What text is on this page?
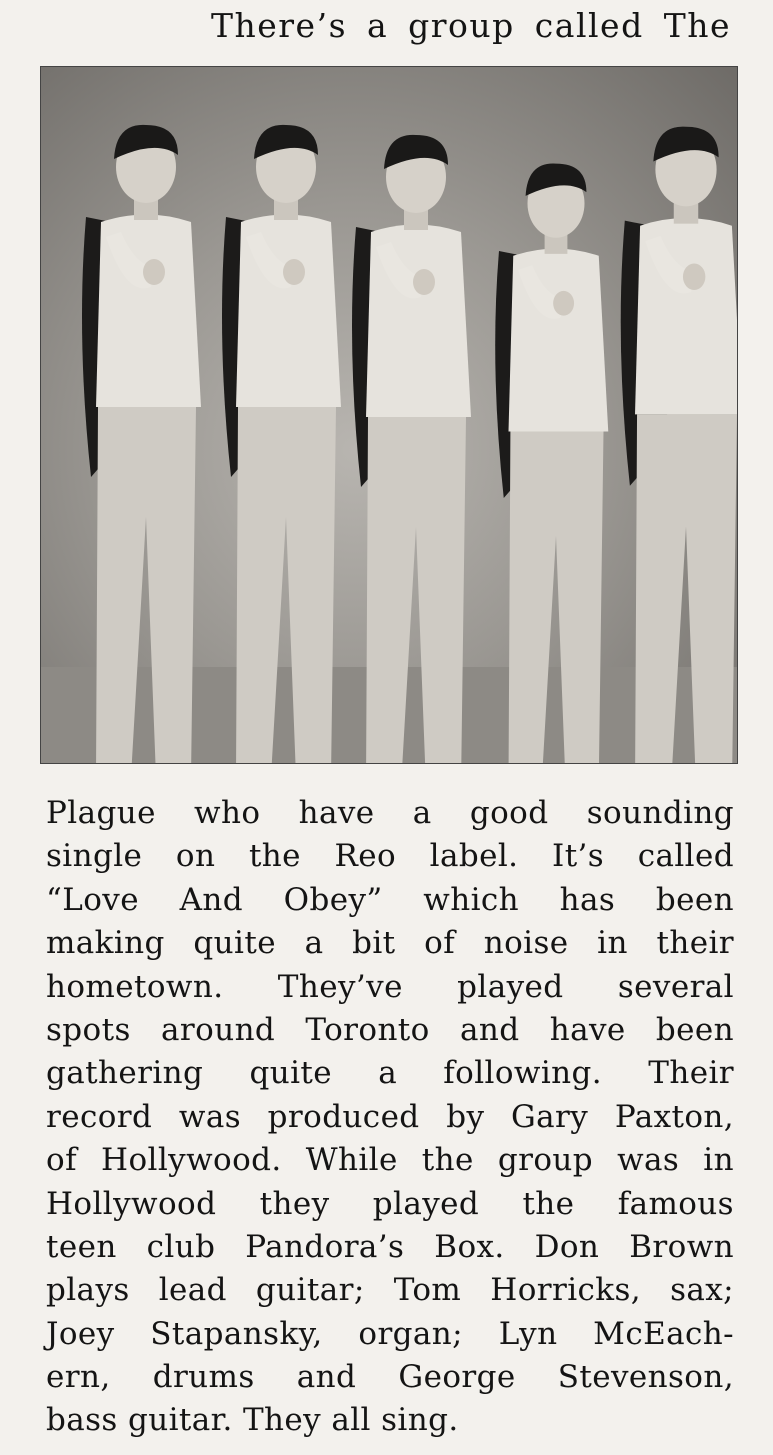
There’s a group called The
Plague who have a good sounding
single on the Reo label. It’s called
“Love And Obey” which has been
making quite a bit of noise in their
hometown. They’ve played several
spots around Toronto and have been
gathering quite a following. Their
record was produced by Gary Paxton,
of Hollywood. While the group was in
Hollywood they played the famous
teen club Pandora’s Box. Don Brown
plays lead guitar; Tom Horricks, sax;
Joey Stapansky, organ; Lyn McEach-
ern, drums and George Stevenson,
bass guitar. They all sing.
